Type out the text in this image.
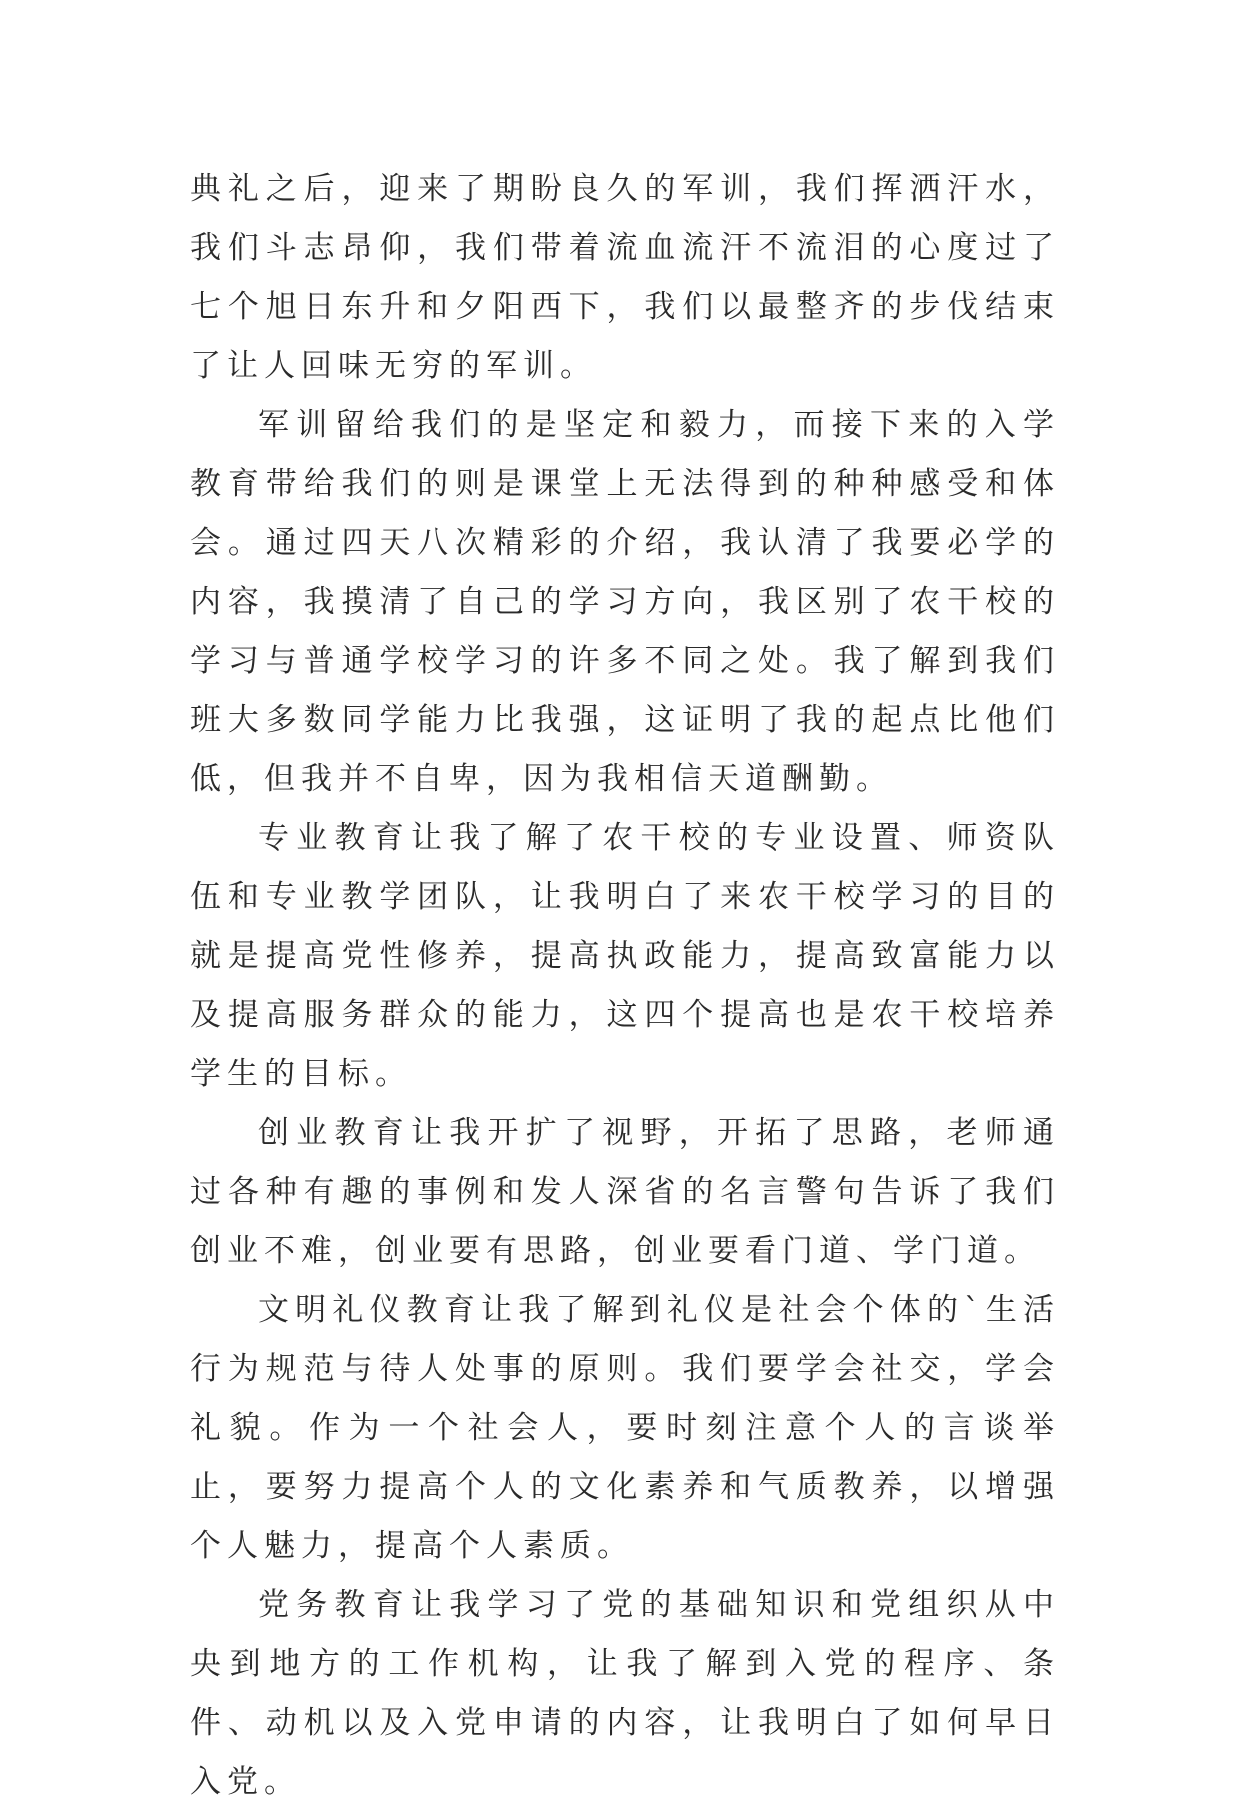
典礼之后，迎来了期盼良久的军训，我们挥洒汗水，我们斗志昂仰，我们带着流血流汗不流泪的心度过了七个旭日东升和夕阳西下，我们以最整齐的步伐结束了让人回味无穷的军训。

军训留给我们的是坚定和毅力，而接下来的入学教育带给我们的则是课堂上无法得到的种种感受和体会。通过四天八次精彩的介绍，我认清了我要必学的内容，我摸清了自己的学习方向，我区别了农干校的学习与普通学校学习的许多不同之处。我了解到我们班大多数同学能力比我强，这证明了我的起点比他们低，但我并不自卑，因为我相信天道酬勤。

专业教育让我了解了农干校的专业设置、师资队伍和专业教学团队，让我明白了来农干校学习的目的就是提高党性修养，提高执政能力，提高致富能力以及提高服务群众的能力，这四个提高也是农干校培养学生的目标。

创业教育让我开扩了视野，开拓了思路，老师通过各种有趣的事例和发人深省的名言警句告诉了我们创业不难，创业要有思路，创业要看门道、学门道。

文明礼仪教育让我了解到礼仪是社会个体的`生活行为规范与待人处事的原则。我们要学会社交，学会礼貌。作为一个社会人，要时刻注意个人的言谈举止，要努力提高个人的文化素养和气质教养，以增强个人魅力，提高个人素质。

党务教育让我学习了党的基础知识和党组织从中央到地方的工作机构，让我了解到入党的程序、条件、动机以及入党申请的内容，让我明白了如何早日入党。
